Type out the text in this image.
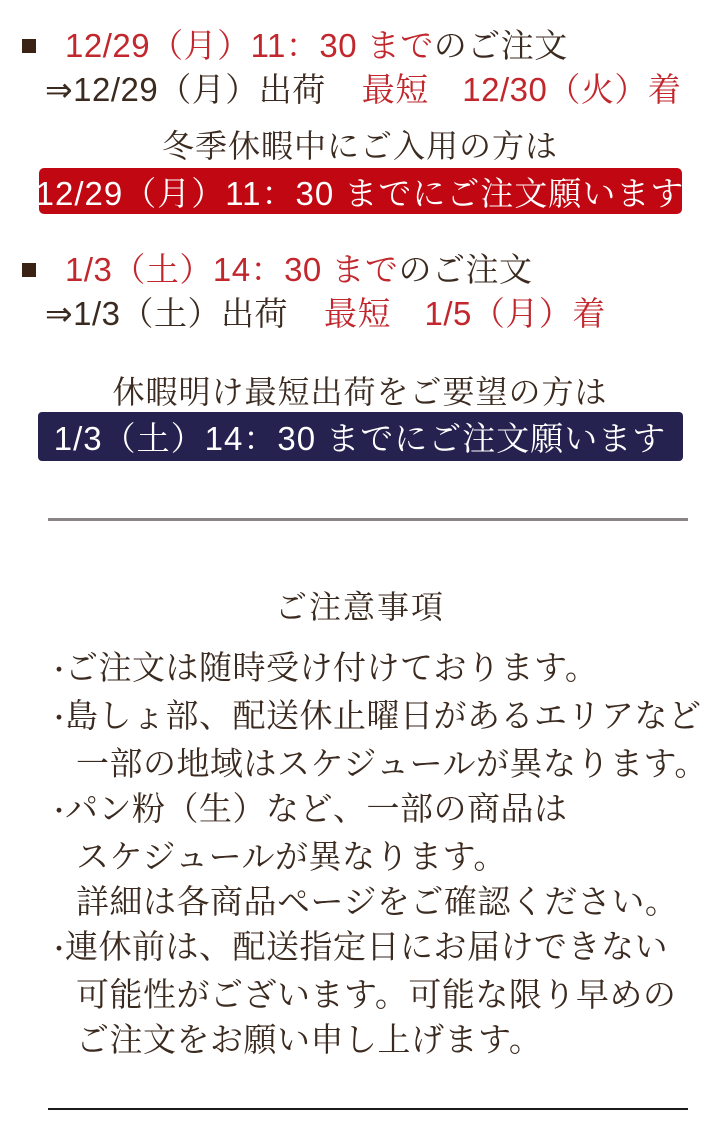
12/29（月）11：30 までのご注文
⇒12/29（月）出荷 最短　12/30（火）着
冬季休暇中にご入用の方は
12/29（月）11：30 までにご注文願います
1/3（土）14：30 までのご注文
⇒1/3（土）出荷 最短　1/5（月）着
休暇明け最短出荷をご要望の方は
1/3（土）14：30 までにご注文願います
ご注意事項
・ご注文は随時受け付けております。
・島しょ部、配送休止曜日があるエリアなど
一部の地域はスケジュールが異なります。
・パン粉（生）など、一部の商品は
スケジュールが異なります。
詳細は各商品ページをご確認ください。
・連休前は、配送指定日にお届けできない
可能性がございます。可能な限り早めの
ご注文をお願い申し上げます。
